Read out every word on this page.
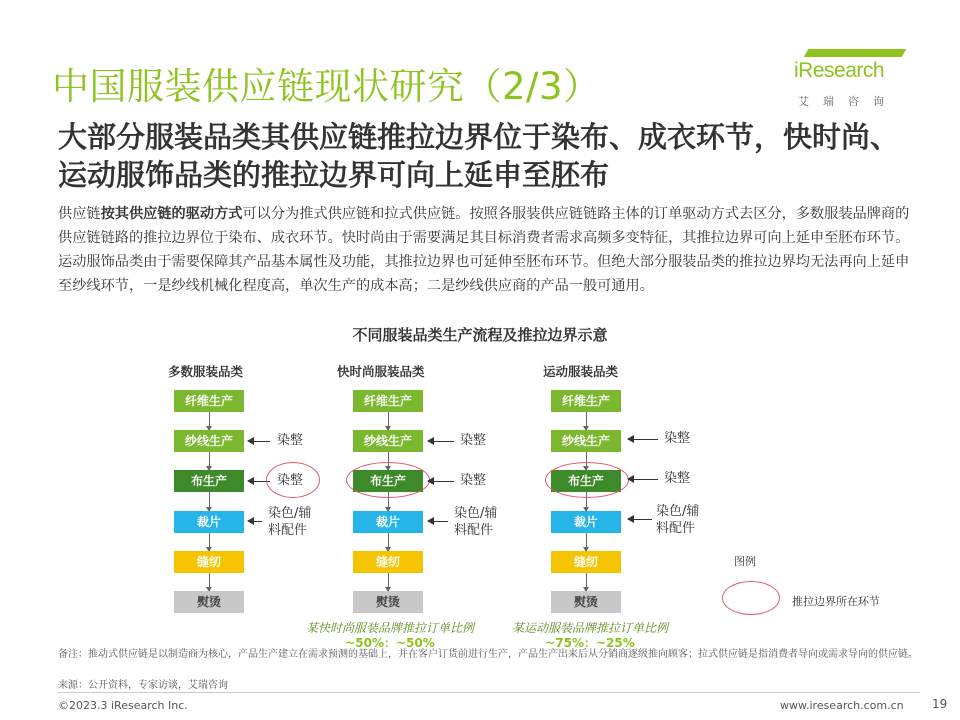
中国服装供应链现状研究（2/3）	iResearch
艾瑞咨询
大部分服装品类其供应链推拉边界位于染布、成衣环节，快时尚、运动服饰品类的推拉边界可向上延申至胚布
供应链按其供应链的驱动方式可以分为推式供应链和拉式供应链。按照各服装供应链链路主体的订单驱动方式去区分，多数服装品牌商的供应链链路的推拉边界位于染布、成衣环节。快时尚由于需要满足其目标消费者需求高频多变特征，其推拉边界可向上延申至胚布环节。运动服饰品类由于需要保障其产品基本属性及功能，其推拉边界也可延伸至胚布环节。但绝大部分服装品类的推拉边界均无法再向上延申至纱线环节，一是纱线机械化程度高，单次生产的成本高；二是纱线供应商的产品一般可通用。
不同服装品类生产流程及推拉边界示意
多数服装品类	快时尚服装品类	运动服装品类
纤维生产
纱线生产
布生产
裁片
缝纫
熨烫
染整
染整
染色/辅料配件
纤维生产
纱线生产
布生产
裁片
缝纫
熨烫
染整
染整
染色/辅料配件
某快时尚服装品牌推拉订单比例
~50%：~50%
纤维生产
纱线生产
布生产
裁片
缝纫
熨烫
染整
染整
染色/辅料配件
某运动服装品牌推拉订单比例
~75%：~25%
图例
推拉边界所在环节
备注：推动式供应链是以制造商为核心，产品生产建立在需求预测的基础上，并在客户订货前进行生产，产品生产出来后从分销商逐级推向顾客；拉式供应链是指消费者导向或需求导向的供应链。
来源：公开资料，专家访谈，艾瑞咨询
©2023.3 iResearch Inc.	www.iresearch.com.cn 19
